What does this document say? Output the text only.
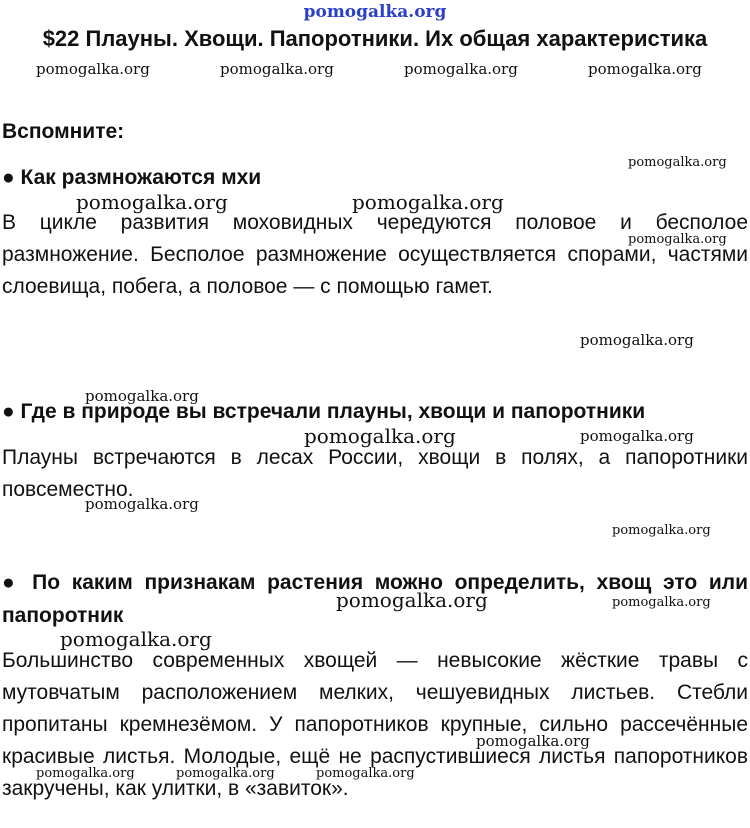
pomogalka.org
$22 Плауны. Хвощи. Папоротники. Их общая характеристика
pomogalka.org	pomogalka.org	pomogalka.org	pomogalka.org
Вспомните:
● Как размножаются мхи
pomogalka.org
pomogalka.org	pomogalka.org
В цикле развития моховидных чередуются половое и бесполое размножение. Бесполое размножение осуществляется спорами, частями слоевища, побега, а половое — с помощью гамет.
pomogalka.org
pomogalka.org
pomogalka.org
● Где в природе вы встречали плауны, хвощи и папоротники
pomogalka.org	pomogalka.org
Плауны встречаются в лесах России, хвощи в полях, а папоротники повсеместно.
pomogalka.org
pomogalka.org
● По каким признакам растения можно определить, хвощ это или папоротник
pomogalka.org	pomogalka.org
pomogalka.org
Большинство современных хвощей — невысокие жёсткие травы с мутовчатым расположением мелких, чешуевидных листьев. Стебли пропитаны кремнезёмом. У папоротников крупные, сильно рассечённые красивые листья. Молодые, ещё не распустившиеся листья папоротников закручены, как улитки, в «завиток».
pomogalka.org
pomogalka.org	pomogalka.org	pomogalka.org
